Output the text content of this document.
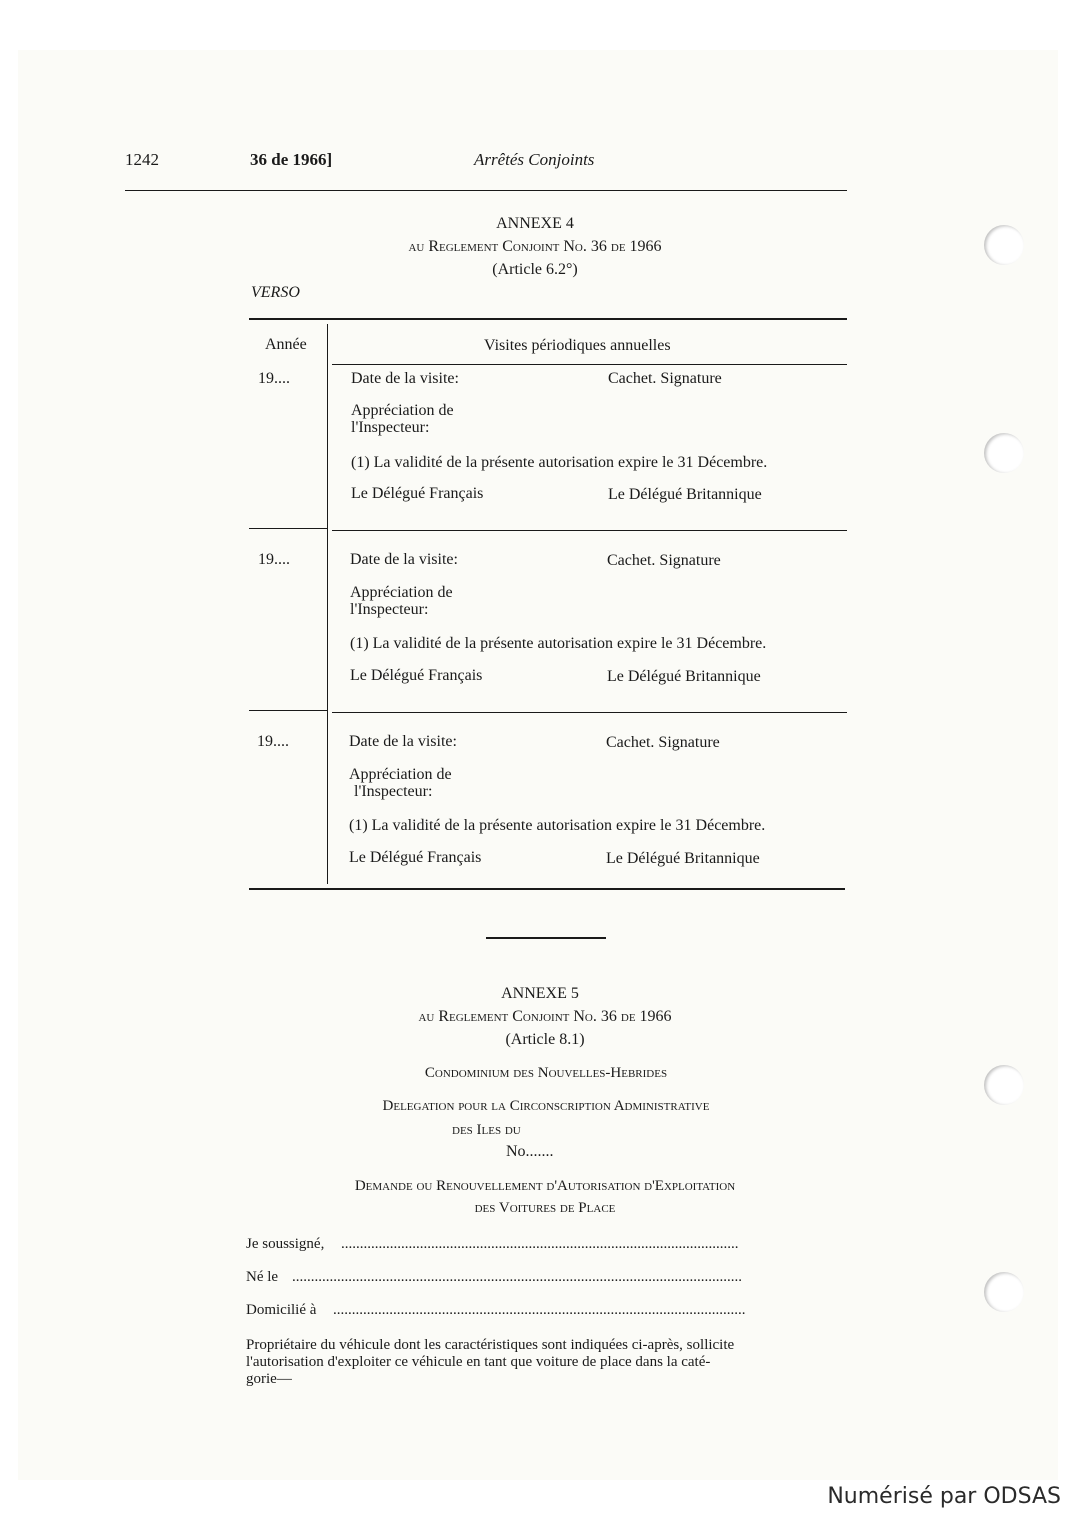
1242	36 de 1966]	Arrêtés Conjoints
ANNEXE 4
au Reglement Conjoint No. 36 de 1966
(Article 6.2°)
VERSO
Année	Visites périodiques annuelles
19....	Date de la visite:	Cachet. Signature
Appréciation de
l'Inspecteur:
(1) La validité de la présente autorisation expire le 31 Décembre.
Le Délégué Français	Le Délégué Britannique
19....	Date de la visite:	Cachet. Signature
Appréciation de
l'Inspecteur:
(1) La validité de la présente autorisation expire le 31 Décembre.
Le Délégué Français	Le Délégué Britannique
19....	Date de la visite:	Cachet. Signature
Appréciation de
l'Inspecteur:
(1) La validité de la présente autorisation expire le 31 Décembre.
Le Délégué Français	Le Délégué Britannique
ANNEXE 5
au Reglement Conjoint No. 36 de 1966
(Article 8.1)
Condominium des Nouvelles-Hebrides
Delegation pour la Circonscription Administrative
des Iles du
No.......
Demande ou Renouvellement d'Autorisation d'Exploitation
des Voitures de Place
Je soussigné, ..........................................................................................................
Né le ........................................................................................................................
Domicilié à ..............................................................................................................
Propriétaire du véhicule dont les caractéristiques sont indiquées ci-après, sollicite
l'autorisation d'exploiter ce véhicule en tant que voiture de place dans la caté-
gorie—
Numérisé par ODSAS
